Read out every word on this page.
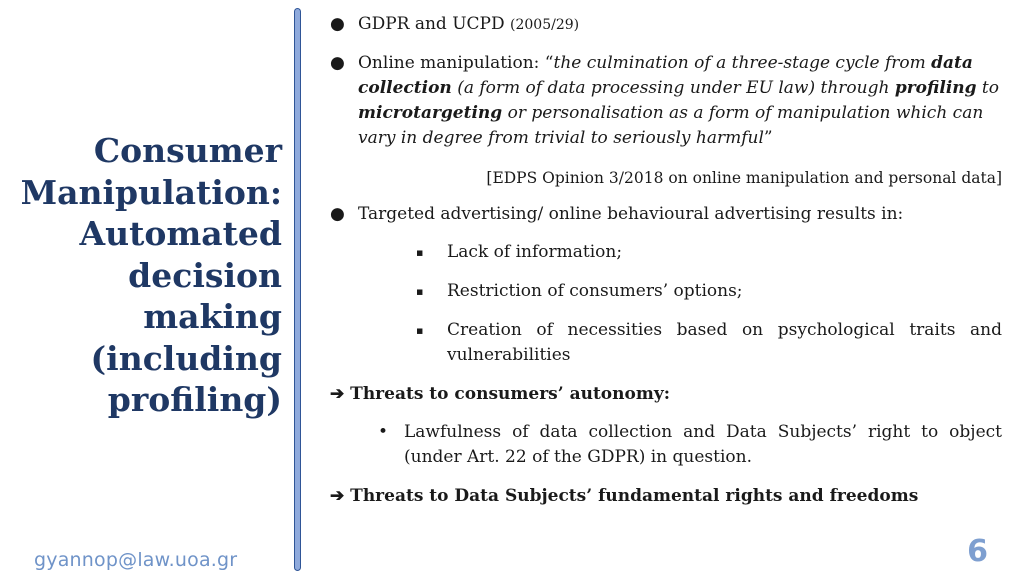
Consumer
Manipulation:
Automated
decision
making
(including
profiling)
● GDPR and UCPD (2005/29)
● Online manipulation: “the culmination of a three-stage cycle from data collection (a form of data processing under EU law) through profiling to microtargeting or personalisation as a form of manipulation which can vary in degree from trivial to seriously harmful”
[EDPS Opinion 3/2018 on online manipulation and personal data]
● Targeted advertising/ online behavioural advertising results in:
▪	Lack of information;
▪	Restriction of consumers’ options;
▪	Creation of necessities based on psychological traits and vulnerabilities
➔ Threats to consumers’ autonomy:
• Lawfulness of data collection and Data Subjects’ right to object (under Art. 22 of the GDPR) in question.
➔ Threats to Data Subjects’ fundamental rights and freedoms
gyannop@law.uoa.gr	6
